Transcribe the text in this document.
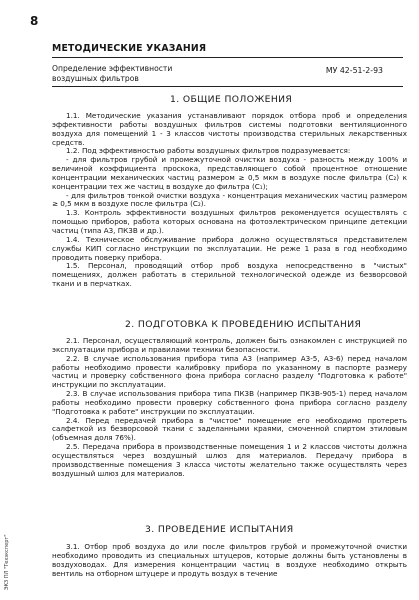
8
МЕТОДИЧЕСКИЕ УКАЗАНИЯ
Определение эффективности
воздушных фильтров
МУ 42-51-2-93
1. ОБЩИЕ ПОЛОЖЕНИЯ

1.1. Методические указания устанавливают порядок отбора проб и определения эффективности работы воздушных фильтров системы подготовки вентиляционного воздуха для помещений 1 - 3 классов чистоты производства стерильных лекарственных средств.

1.2. Под эффективностью работы воздушных фильтров подразумевается:

- для фильтров грубой и промежуточной очистки воздуха - разность между 100% и величиной коэффициента проскока, представляющего собой процентное отношение концентрации механических частиц размером ≥ 0,5 мкм в воздухе после фильтра (C₂) к концентрации тех же частиц в воздухе до фильтра (C₁);

- для фильтров тонкой очистки воздуха - концентрация механических частиц размером ≥ 0,5 мкм в воздухе после фильтра (C₂).

1.3. Контроль эффективности воздушных фильтров рекомендуется осуществлять с помощью приборов, работа которых основана на фотоэлектрическом принципе детекции частиц (типа А3, ПК3В и др.).

1.4. Техническое обслуживание прибора должно осуществляться представителем службы КИП согласно инструкции по эксплуатации. Не реже 1 раза в год необходимо проводить поверку прибора.

1.5. Персонал, проводящий отбор проб воздуха непосредственно в "чистых" помещениях, должен работать в стерильной технологической одежде из безворсовой ткани и в перчатках.

2. ПОДГОТОВКА К ПРОВЕДЕНИЮ ИСПЫТАНИЯ

2.1. Персонал, осуществляющий контроль, должен быть ознакомлен с инструкцией по эксплуатации прибора и правилами техники безопасности.

2.2. В случае использования прибора типа А3 (например А3-5, А3-6) перед началом работы необходимо провести калибровку прибора по указанному в паспорте размеру частиц и проверку собственного фона прибора согласно разделу "Подготовка к работе" инструкции по эксплуатации.

2.3. В случае использования прибора типа ПК3В (например ПК3В-905-1) перед началом работы необходимо провести проверку собственного фона прибора согласно разделу "Подготовка к работе" инструкции по эксплуатации.

2.4. Перед передачей прибора в "чистое" помещение его необходимо протереть салфеткой из безворсовой ткани с заделанными краями, смоченной спиртом этиловым (объемная доля 76%).

2.5. Передача прибора в производственные помещения 1 и 2 классов чистоты должна осуществляться через воздушный шлюз для материалов. Передачу прибора в производственные помещения 3 класса чистоты желательно также осуществлять через воздушный шлюз для материалов.

3. ПРОВЕДЕНИЕ ИСПЫТАНИЯ

3.1. Отбор проб воздуха до или после фильтров грубой и промежуточной очистки необходимо проводить из специальных штуцеров, которые должны быть установлены в воздуховодах. Для измерения концентрации частиц в воздухе необходимо открыть вентиль на отборном штуцере и продуть воздух в течение

ЭКЗ ПЛ "Техэксперт"
